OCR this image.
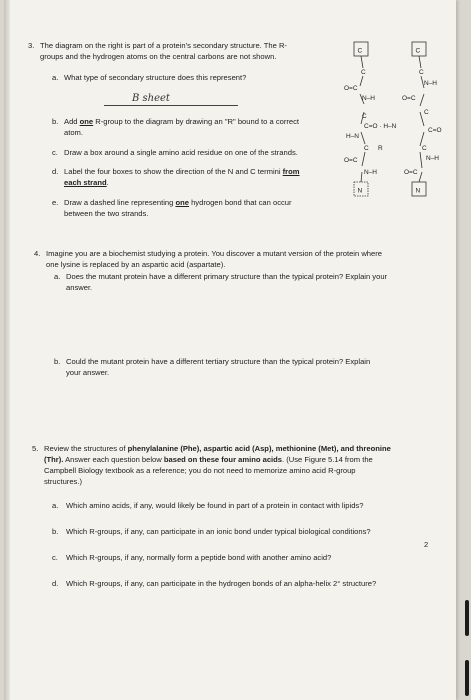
3. The diagram on the right is part of a protein's secondary structure. The R-
groups and the hydrogen atoms on the central carbons are not shown.
a. What type of secondary structure does this represent?
B sheet
b. Add one R-group to the diagram by drawing an "R" bound to a correct
atom.
c. Draw a box around a single amino acid residue on one of the strands.
d. Label the four boxes to show the direction of the N and C termini from
each strand.
e. Draw a dashed line representing one hydrogen bond that can occur
between the two strands.
C	C
N	N
C
O=C
N–H
C
O=C
N–H
C
C=O · H–N
C
C=O
H–N
C R
O=C
N–H
C
N–H
O=C
4. Imagine you are a biochemist studying a protein. You discover a mutant version of the protein where
one lysine is replaced by an aspartic acid (aspartate).
a. Does the mutant protein have a different primary structure than the typical protein? Explain your
answer.
b. Could the mutant protein have a different tertiary structure than the typical protein? Explain
your answer.
5. Review the structures of phenylalanine (Phe), aspartic acid (Asp), methionine (Met), and threonine
(Thr). Answer each question below based on these four amino acids. (Use Figure 5.14 from the
Campbell Biology textbook as a reference; you do not need to memorize amino acid R-group
structures.)
a. Which amino acids, if any, would likely be found in part of a protein in contact with lipids?
b. Which R-groups, if any, can participate in an ionic bond under typical biological conditions?
c. Which R-groups, if any, normally form a peptide bond with another amino acid?
d. Which R-groups, if any, can participate in the hydrogen bonds of an alpha-helix 2° structure?
2
